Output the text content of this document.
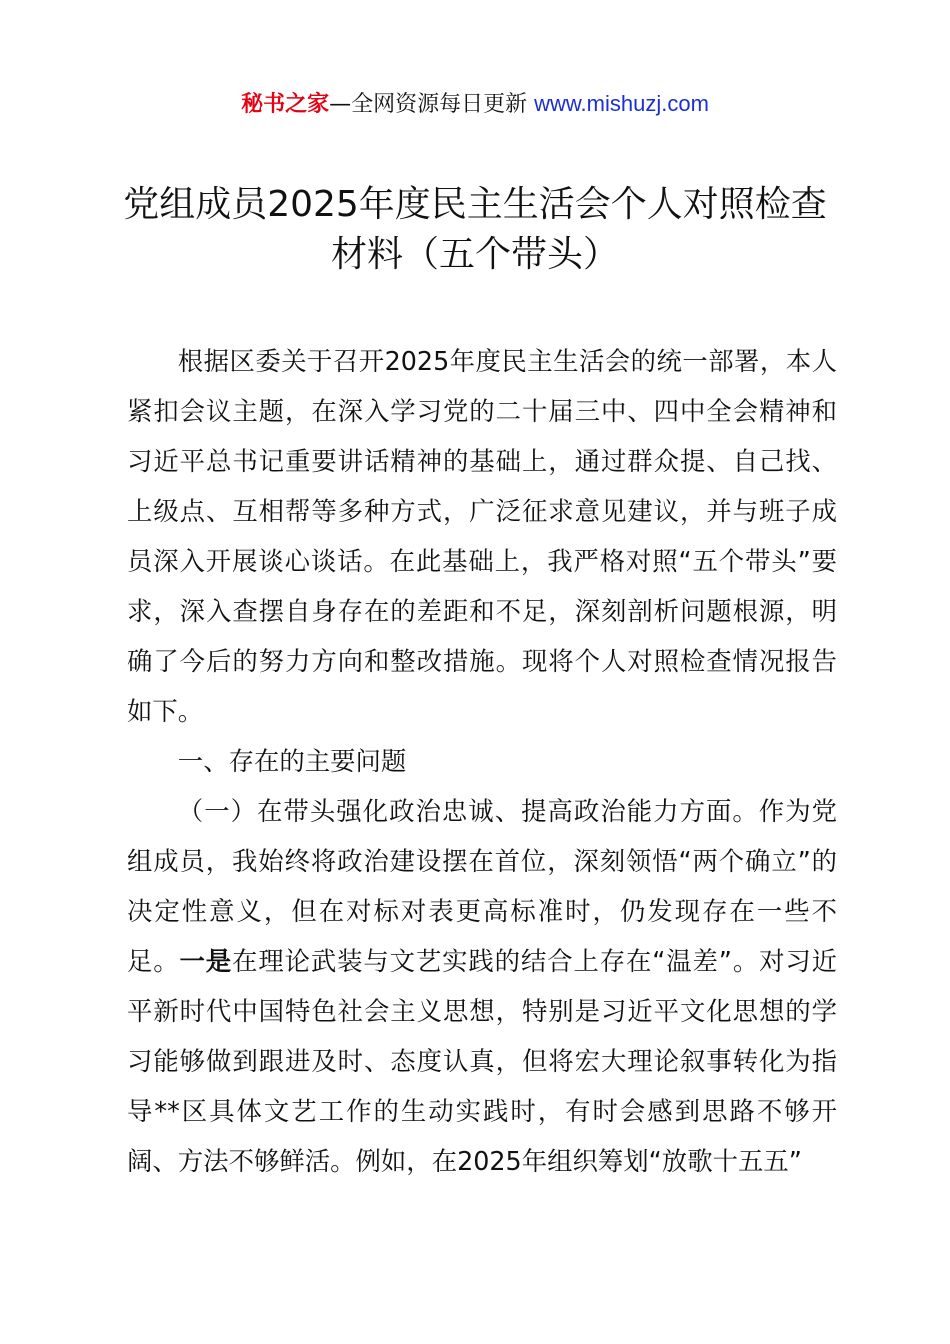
秘书之家—全网资源每日更新 www.mishuzj.com
党组成员2025年度民主生活会个人对照检查
材料（五个带头）

根据区委关于召开2025年度民主生活会的统一部署，本人紧扣会议主题，在深入学习党的二十届三中、四中全会精神和习近平总书记重要讲话精神的基础上，通过群众提、自己找、上级点、互相帮等多种方式，广泛征求意见建议，并与班子成员深入开展谈心谈话。在此基础上，我严格对照“五个带头”要求，深入查摆自身存在的差距和不足，深刻剖析问题根源，明确了今后的努力方向和整改措施。现将个人对照检查情况报告如下。

一、存在的主要问题

（一）在带头强化政治忠诚、提高政治能力方面。作为党组成员，我始终将政治建设摆在首位，深刻领悟“两个确立”的决定性意义，但在对标对表更高标准时，仍发现存在一些不足。一是在理论武装与文艺实践的结合上存在“温差”。对习近平新时代中国特色社会主义思想，特别是习近平文化思想的学习能够做到跟进及时、态度认真，但将宏大理论叙事转化为指导**区具体文艺工作的生动实践时，有时会感到思路不够开阔、方法不够鲜活。例如，在2025年组织筹划“放歌十五五”
